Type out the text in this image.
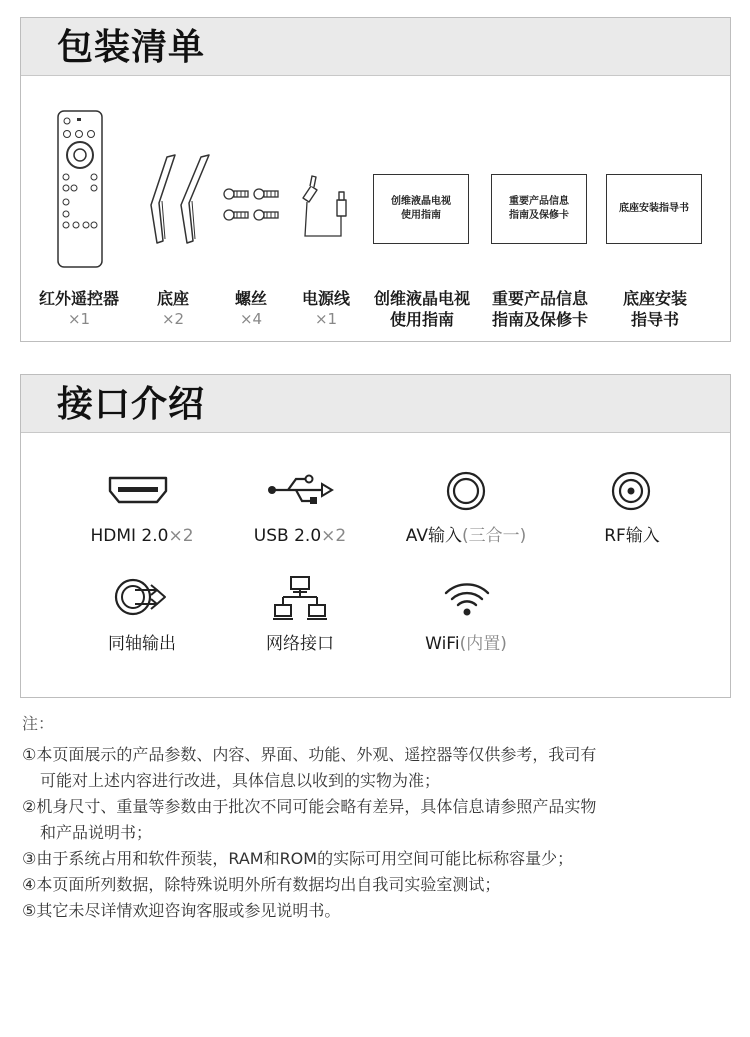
包装清单
创维液晶电视
使用指南
重要产品信息
指南及保修卡
底座安装指导书
红外遥控器
×1
底座
×2
螺丝
×4
电源线
×1
创维液晶电视
使用指南
重要产品信息
指南及保修卡
底座安装
指导书
接口介绍
HDMI 2.0×2	USB 2.0×2	AV输入(三合一)	RF输入
同轴输出	网络接口	WiFi(内置)
注：
①本页面展示的产品参数、内容、界面、功能、外观、遥控器等仅供参考，我司有
可能对上述内容进行改进，具体信息以收到的实物为准；
②机身尺寸、重量等参数由于批次不同可能会略有差异，具体信息请参照产品实物
和产品说明书；
③由于系统占用和软件预装，RAM和ROM的实际可用空间可能比标称容量少；
④本页面所列数据，除特殊说明外所有数据均出自我司实验室测试；
⑤其它未尽详情欢迎咨询客服或参见说明书。
